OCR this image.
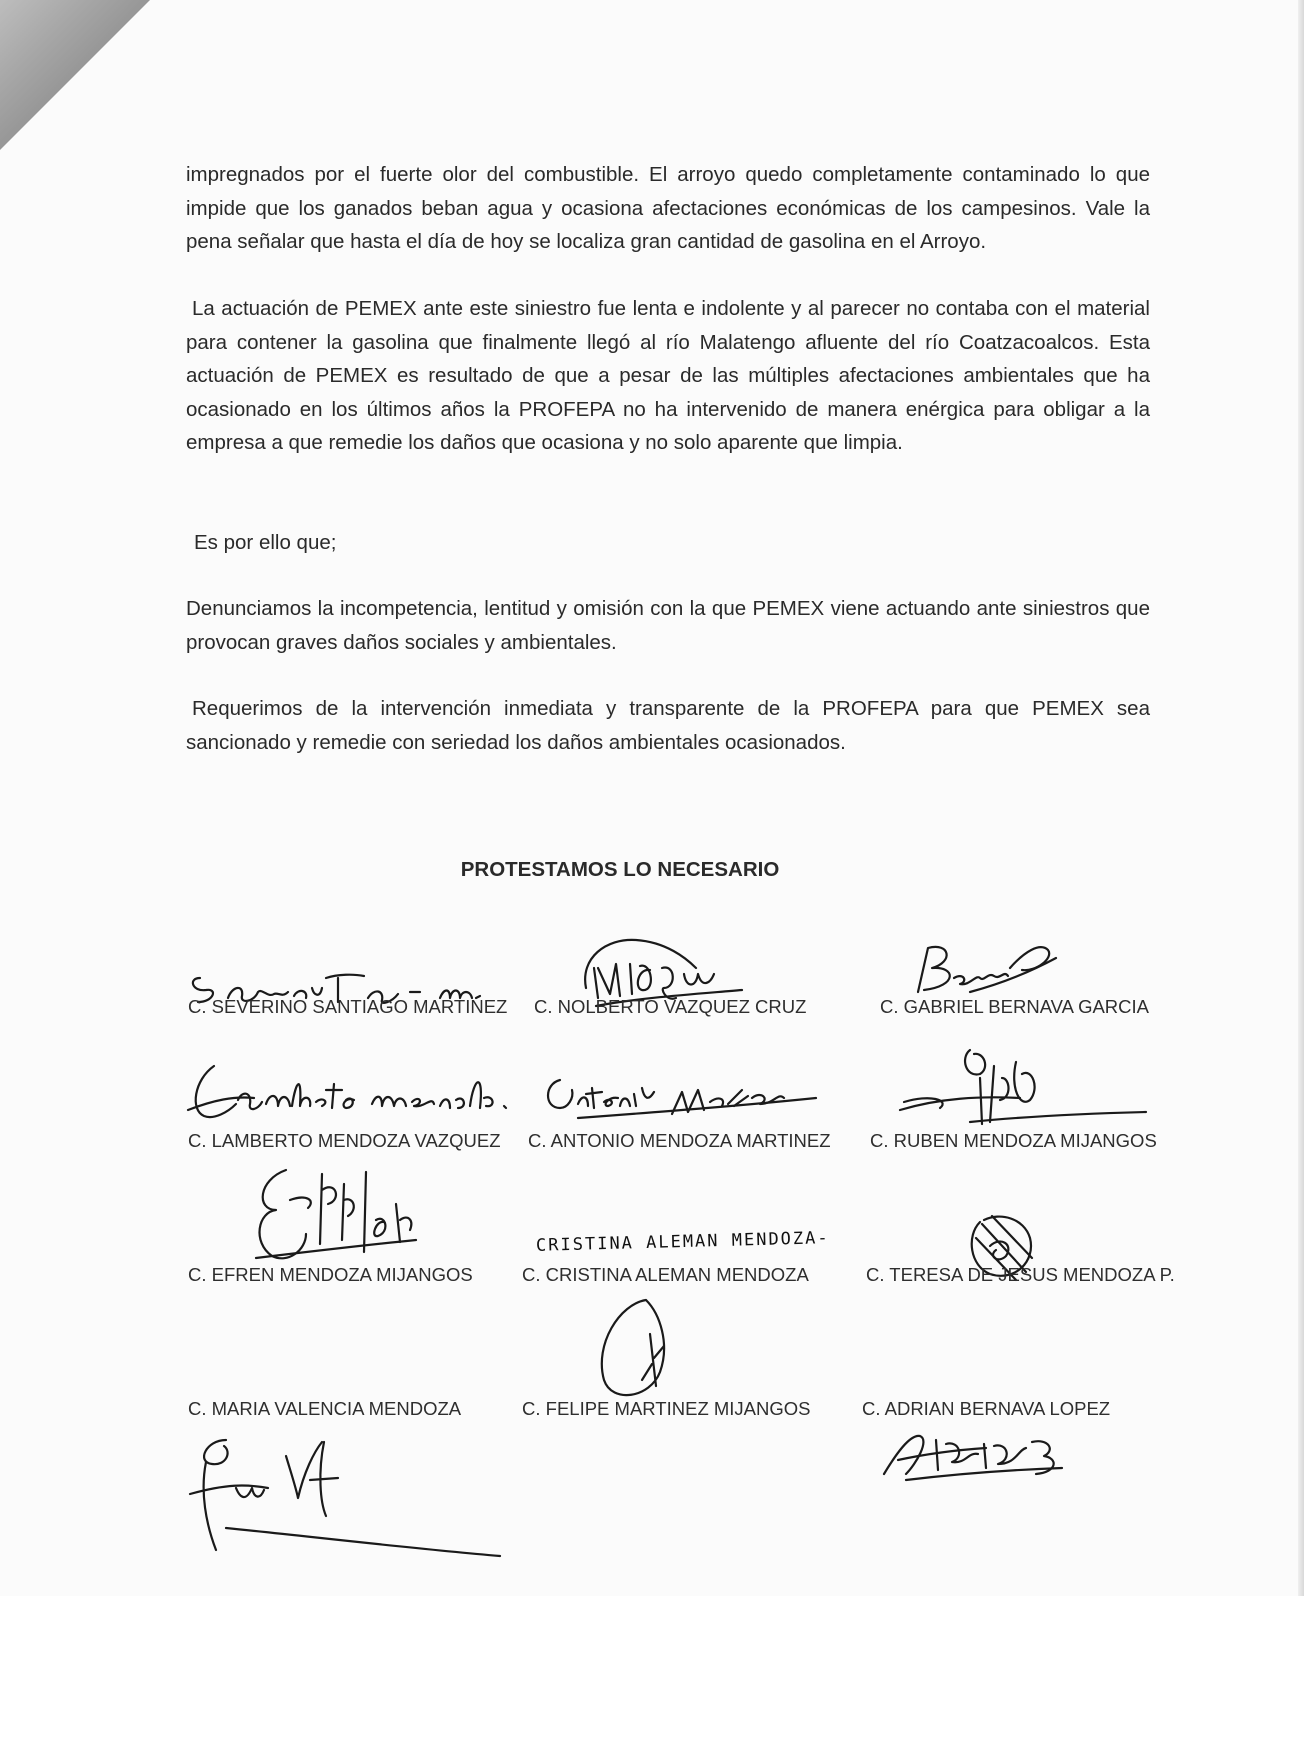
impregnados por el fuerte olor del combustible. El arroyo quedo completamente contaminado lo que impide que los ganados beban agua y ocasiona afectaciones económicas de los campesinos. Vale la pena señalar que hasta el día de hoy se localiza gran cantidad de gasolina en el Arroyo.

La actuación de PEMEX ante este siniestro fue lenta e indolente y al parecer no contaba con el material para contener la gasolina que finalmente llegó al río Malatengo afluente del río Coatzacoalcos. Esta actuación de PEMEX es resultado de que a pesar de las múltiples afectaciones ambientales que ha ocasionado en los últimos años la PROFEPA no ha intervenido de manera enérgica para obligar a la empresa a que remedie los daños que ocasiona y no solo aparente que limpia.

Es por ello que;

Denunciamos la incompetencia, lentitud y omisión con la que PEMEX viene actuando ante siniestros que provocan graves daños sociales y ambientales.

Requerimos de la intervención inmediata y transparente de la PROFEPA para que PEMEX sea sancionado y remedie con seriedad los daños ambientales ocasionados.

PROTESTAMOS LO NECESARIO

CRISTINA ALEMAN MENDOZA-
C. SEVERINO SANTIAGO MARTINEZ C. NOLBERTO VAZQUEZ CRUZ	C. GABRIEL BERNAVA GARCIA
C. LAMBERTO MENDOZA VAZQUEZ C. ANTONIO MENDOZA MARTINEZ C. RUBEN MENDOZA MIJANGOS
C. EFREN MENDOZA MIJANGOS	C. CRISTINA ALEMAN MENDOZA	C. TERESA DE JESUS MENDOZA P.
C. MARIA VALENCIA MENDOZA	C. FELIPE MARTINEZ MIJANGOS	C. ADRIAN BERNAVA LOPEZ
